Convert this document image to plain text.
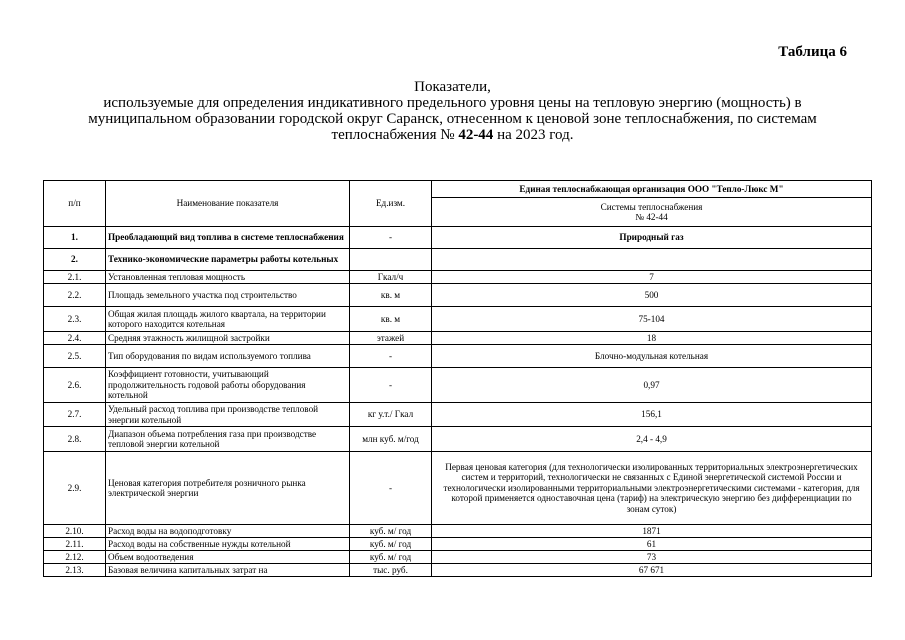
Таблица 6
Показатели,
используемые для определения индикативного предельного уровня цены на тепловую энергию (мощность) в
муниципальном образовании городской округ Саранск, отнесенном к ценовой зоне теплоснабжения, по системам
теплоснабжения № 42-44 на 2023 год.
п/п	Наименование показателя	Ед.изм.	Единая теплоснабжающая организация ООО "Тепло-Люкс М"

			Системы теплоснабжения
№ 42-44

1.	Преобладающий вид топлива в системе теплоснабжения	-	Природный газ
2.	Технико-экономические параметры работы котельных		
2.1.	Установленная тепловая мощность	Гкал/ч	7
2.2.	Площадь земельного участка под строительство	кв. м	500
2.3.	Общая жилая площадь жилого квартала, на территории которого находится котельная	кв. м	75-104
2.4.	Средняя этажность жилищной застройки	этажей	18
2.5.	Тип оборудования по видам используемого топлива	-	Блочно-модульная котельная
2.6.	Коэффициент готовности, учитывающий продолжительность годовой работы оборудования котельной	-	0,97
2.7.	Удельный расход топлива при производстве тепловой энергии котельной	кг у.т./ Гкал	156,1
2.8.	Диапазон объема потребления газа при производстве тепловой энергии котельной	млн куб. м/год	2,4 - 4,9
2.9.	Ценовая категория потребителя розничного рынка электрической энергии	-	Первая ценовая категория (для технологически изолированных территориальных электроэнергетических систем и территорий, технологически не связанных с Единой энергетической системой России и технологически изолированными территориальными электроэнергетическими системами - категория, для которой применяется одноставочная цена (тариф) на электрическую энергию без дифференциации по зонам суток)
2.10.	Расход воды на водоподготовку	куб. м/ год	1871
2.11.	Расход воды на собственные нужды котельной	куб. м/ год	61
2.12.	Объем водоотведения	куб. м/ год	73
2.13.	Базовая величина капитальных затрат на	тыс. руб.	67 671
